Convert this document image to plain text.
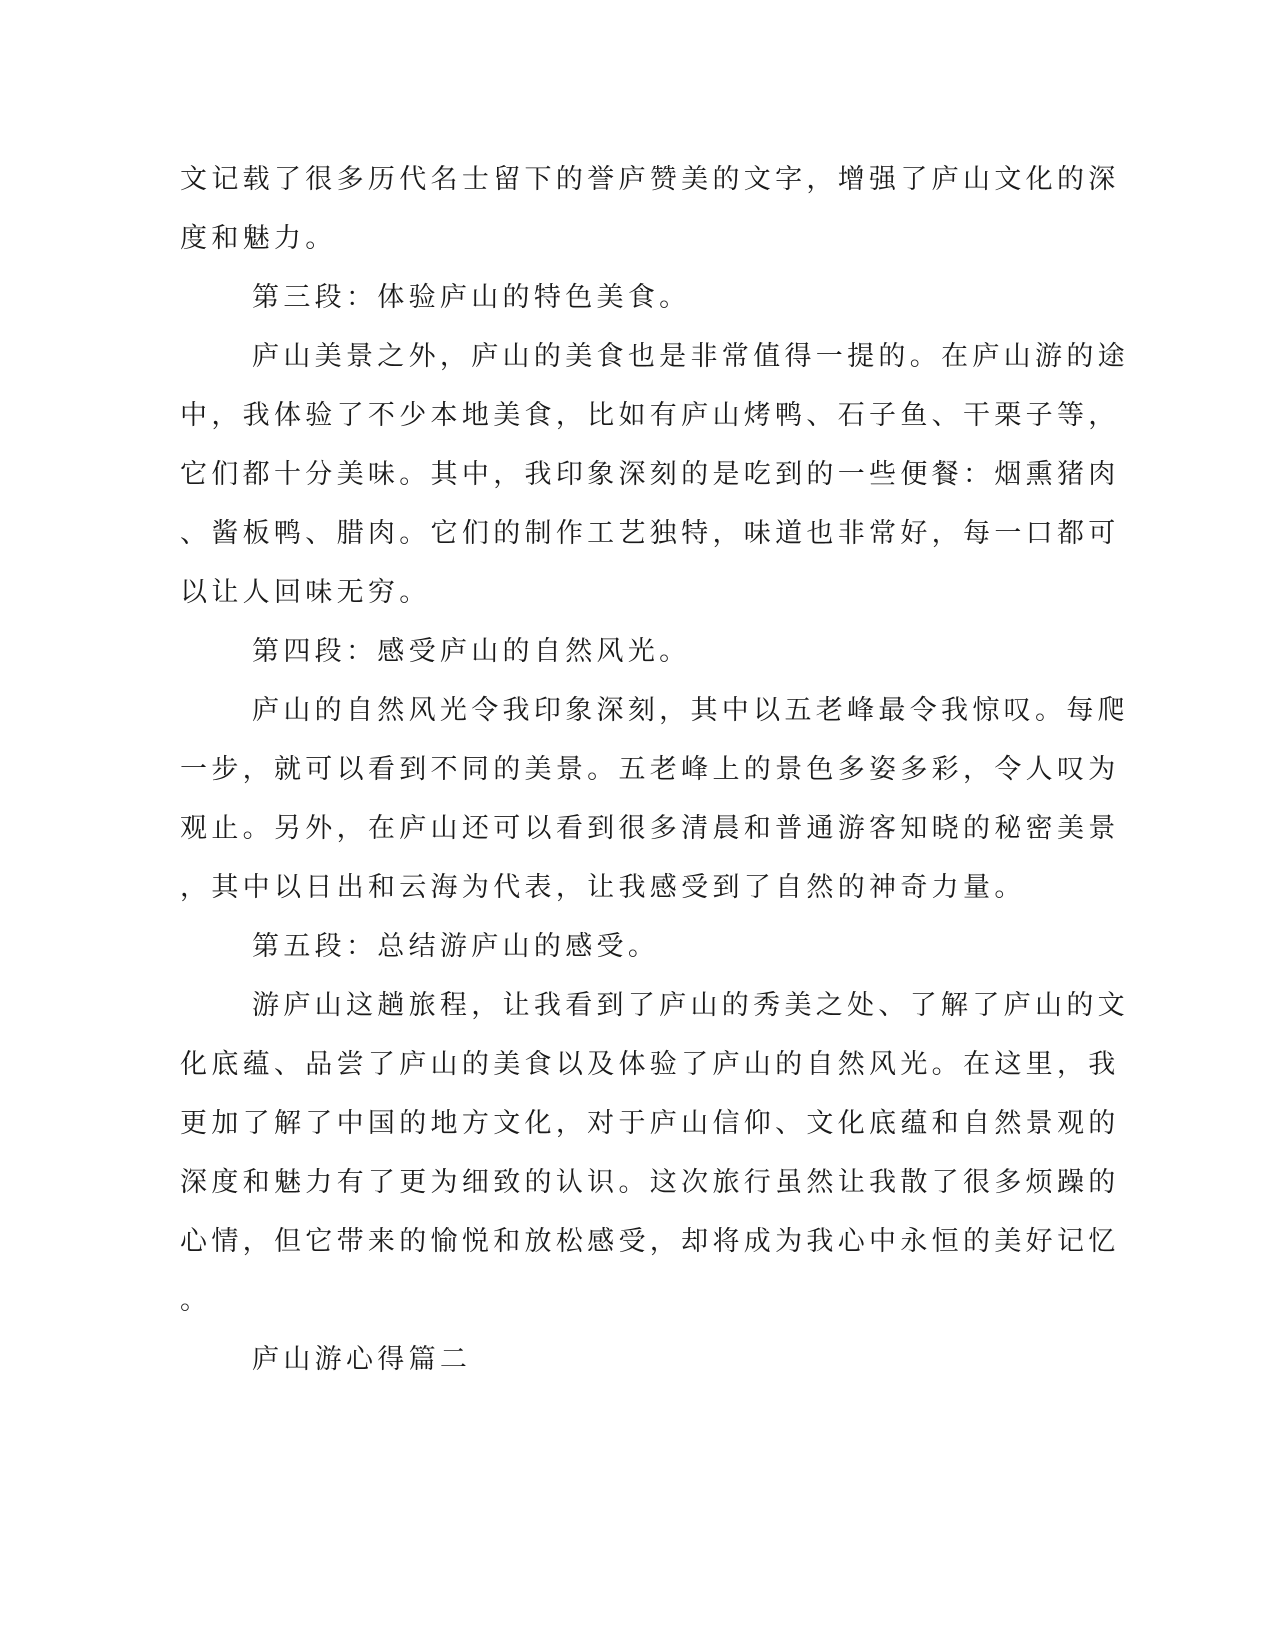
文记载了很多历代名士留下的誉庐赞美的文字，增强了庐山文化的深
度和魅力。
第三段：体验庐山的特色美食。
庐山美景之外，庐山的美食也是非常值得一提的。在庐山游的途
中，我体验了不少本地美食，比如有庐山烤鸭、石子鱼、干栗子等，
它们都十分美味。其中，我印象深刻的是吃到的一些便餐：烟熏猪肉
、酱板鸭、腊肉。它们的制作工艺独特，味道也非常好，每一口都可
以让人回味无穷。
第四段：感受庐山的自然风光。
庐山的自然风光令我印象深刻，其中以五老峰最令我惊叹。每爬
一步，就可以看到不同的美景。五老峰上的景色多姿多彩，令人叹为
观止。另外，在庐山还可以看到很多清晨和普通游客知晓的秘密美景
，其中以日出和云海为代表，让我感受到了自然的神奇力量。
第五段：总结游庐山的感受。
游庐山这趟旅程，让我看到了庐山的秀美之处、了解了庐山的文
化底蕴、品尝了庐山的美食以及体验了庐山的自然风光。在这里，我
更加了解了中国的地方文化，对于庐山信仰、文化底蕴和自然景观的
深度和魅力有了更为细致的认识。这次旅行虽然让我散了很多烦躁的
心情，但它带来的愉悦和放松感受，却将成为我心中永恒的美好记忆
。
庐山游心得篇二
